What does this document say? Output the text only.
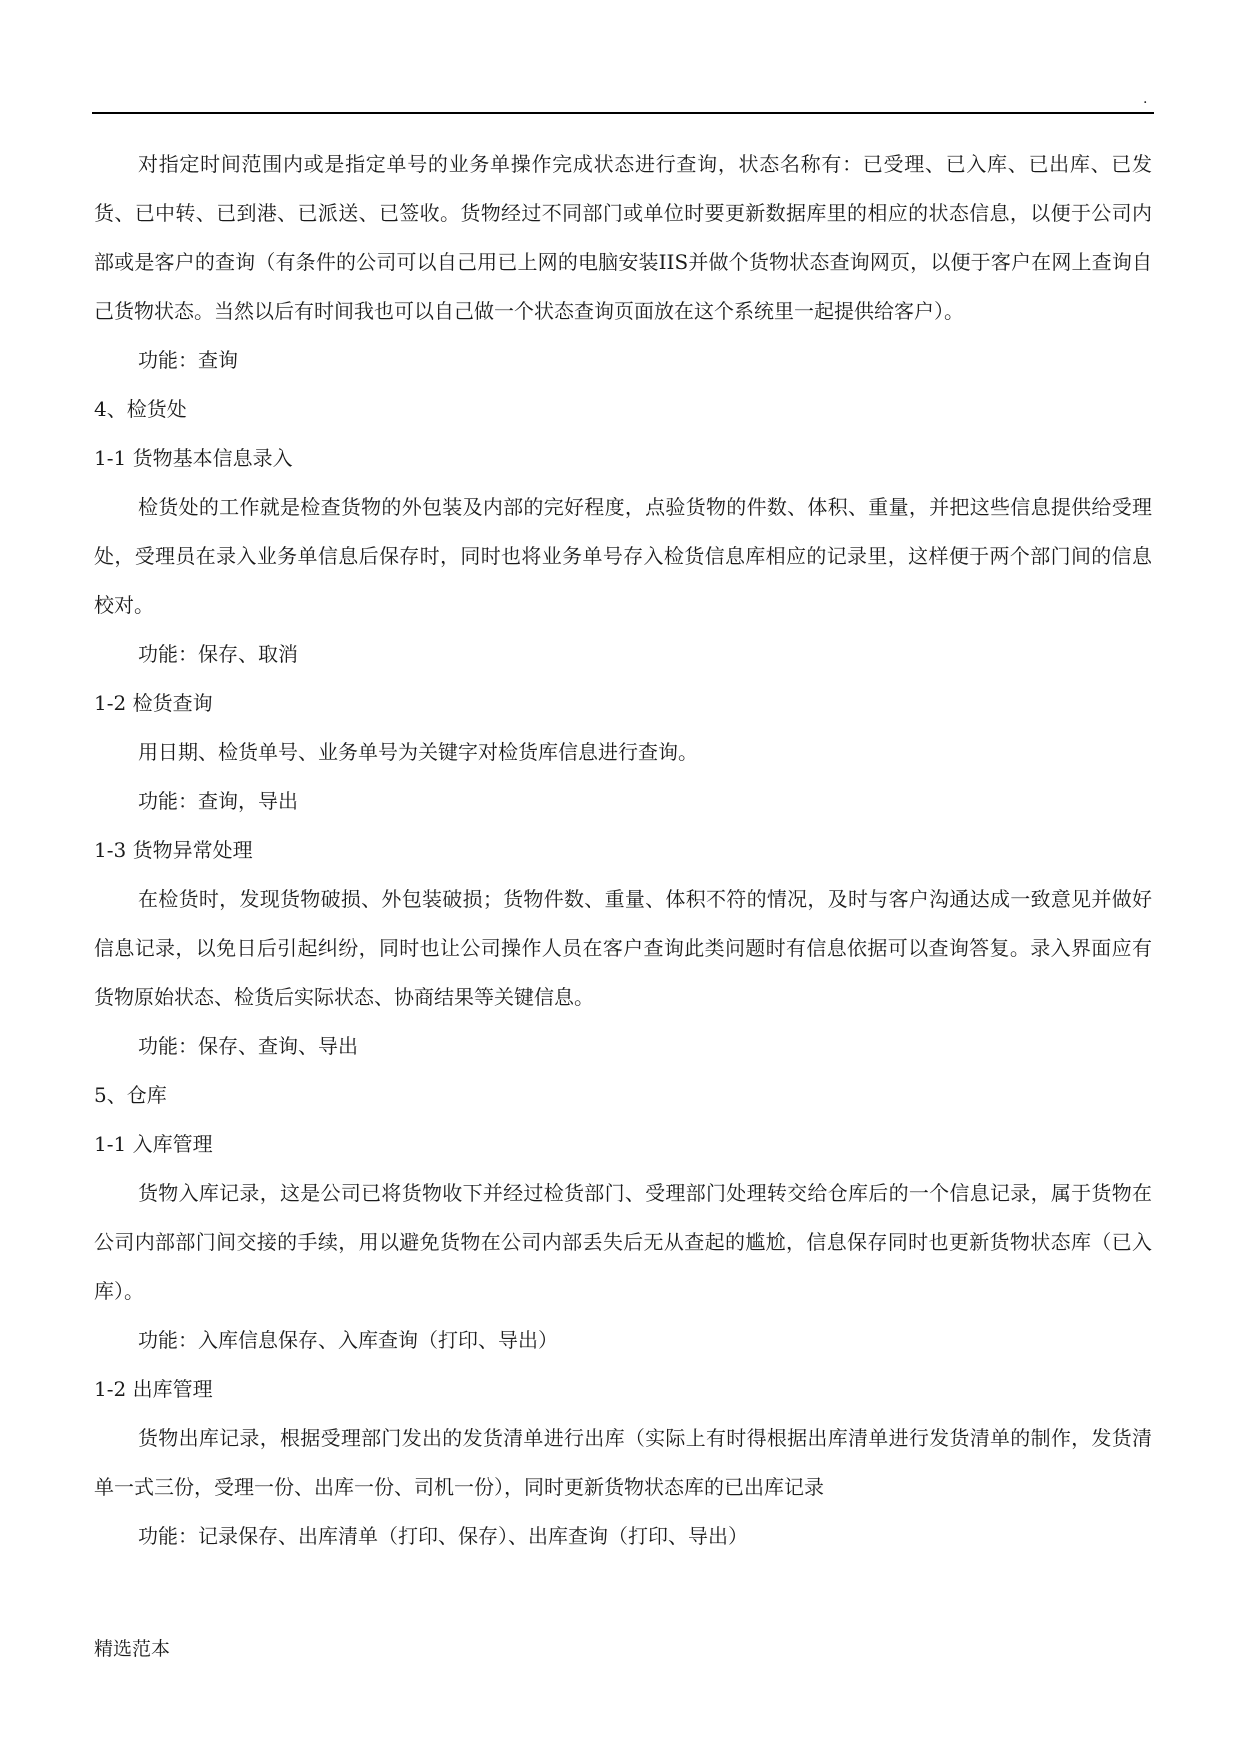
.

对指定时间范围内或是指定单号的业务单操作完成状态进行查询，状态名称有：已受理、已入库、已出库、已发货、已中转、已到港、已派送、已签收。货物经过不同部门或单位时要更新数据库里的相应的状态信息，以便于公司内部或是客户的查询（有条件的公司可以自己用已上网的电脑安装IIS并做个货物状态查询网页，以便于客户在网上查询自己货物状态。当然以后有时间我也可以自己做一个状态查询页面放在这个系统里一起提供给客户）。

功能：查询

4、检货处

1-1 货物基本信息录入

检货处的工作就是检查货物的外包装及内部的完好程度，点验货物的件数、体积、重量，并把这些信息提供给受理处，受理员在录入业务单信息后保存时，同时也将业务单号存入检货信息库相应的记录里，这样便于两个部门间的信息校对。

功能：保存、取消

1-2 检货查询

用日期、检货单号、业务单号为关键字对检货库信息进行查询。

功能：查询，导出

1-3 货物异常处理

在检货时，发现货物破损、外包装破损；货物件数、重量、体积不符的情况，及时与客户沟通达成一致意见并做好信息记录，以免日后引起纠纷，同时也让公司操作人员在客户查询此类问题时有信息依据可以查询答复。录入界面应有货物原始状态、检货后实际状态、协商结果等关键信息。

功能：保存、查询、导出

5、仓库

1-1 入库管理

货物入库记录，这是公司已将货物收下并经过检货部门、受理部门处理转交给仓库后的一个信息记录，属于货物在公司内部部门间交接的手续，用以避免货物在公司内部丢失后无从查起的尴尬，信息保存同时也更新货物状态库（已入库）。

功能：入库信息保存、入库查询（打印、导出）

1-2 出库管理

货物出库记录，根据受理部门发出的发货清单进行出库（实际上有时得根据出库清单进行发货清单的制作，发货清单一式三份，受理一份、出库一份、司机一份），同时更新货物状态库的已出库记录

功能：记录保存、出库清单（打印、保存）、出库查询（打印、导出）

精选范本
